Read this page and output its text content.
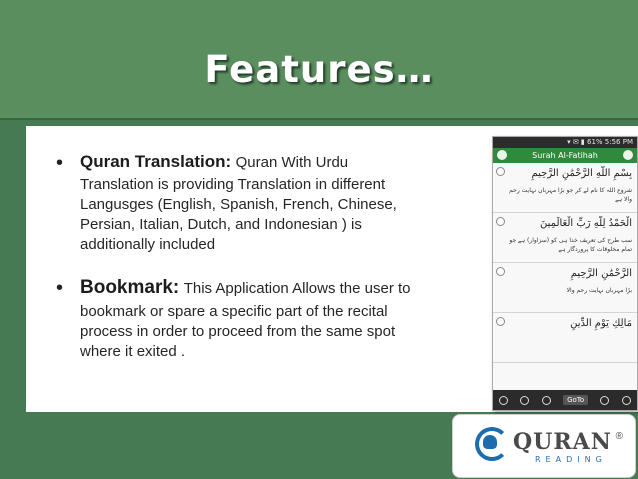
Features…
• Quran Translation: Quran With Urdu
Translation is providing Translation in different
Langusges (English, Spanish, French, Chinese,
Persian, Italian, Dutch, and Indonesian ) is
additionally included
• Bookmark: This Application Allows the user to
bookmark or spare a specific part of the recital
process in order to proceed from the same spot
where it exited .
▾ ✉ ▮ 61% 5:56 PM
Surah Al-Fatihah
بِسْمِ اللَّهِ الرَّحْمَٰنِ الرَّحِيمِ
شروع اللہ کا نام لے کر جو بڑا مہربان نہایت رحم والا ہے
الْحَمْدُ لِلَّهِ رَبِّ الْعَالَمِينَ
سب طرح کی تعریف خدا ہی کو (سزاوار) ہے جو تمام مخلوقات کا پروردگار ہے
الرَّحْمَٰنِ الرَّحِيمِ
بڑا مہربان نہایت رحم والا
مَالِكِ يَوْمِ الدِّينِ
GoTo
QURAN
READING
®
